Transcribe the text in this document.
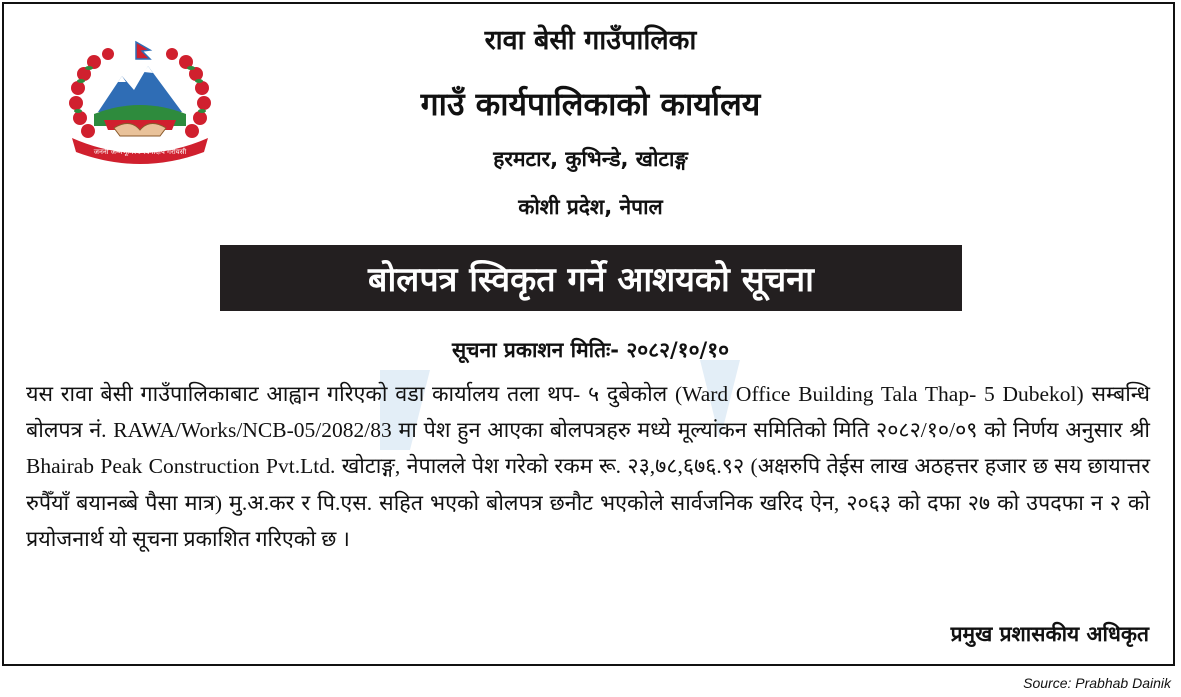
जननी जन्मभूमिश्च स्वर्गादपि गरीयसी
रावा बेसी गाउँपालिका
गाउँ कार्यपालिकाको कार्यालय
हरमटार, कुभिन्डे, खोटाङ्ग
कोशी प्रदेश, नेपाल
बोलपत्र स्विकृत गर्ने आशयको सूचना
सूचना प्रकाशन मितिः- २०८२/१०/१०
यस रावा बेसी गाउँपालिकाबाट आह्वान गरिएको वडा कार्यालय तला थप- ५ दुबेकोल (Ward Office Building Tala Thap- 5 Dubekol) सम्बन्धि बोलपत्र नं. RAWA/Works/NCB-05/2082/83 मा पेश हुन आएका बोलपत्रहरु मध्ये मूल्यांकन समितिको मिति २०८२/१०/०९ को निर्णय अनुसार श्री Bhairab Peak Construction Pvt.Ltd. खोटाङ्ग, नेपालले पेश गरेको रकम रू. २३,७८,६७६.९२ (अक्षरुपि तेईस लाख अठहत्तर हजार छ सय छायात्तर रुपैँयाँ बयानब्बे पैसा मात्र) मु.अ.कर र पि.एस. सहित भएको बोलपत्र छनौट भएकोले सार्वजनिक खरिद ऐन, २०६३ को दफा २७ को उपदफा न २ को प्रयोजनार्थ यो सूचना प्रकाशित गरिएको छ ।
प्रमुख प्रशासकीय अधिकृत
Source: Prabhab Dainik
